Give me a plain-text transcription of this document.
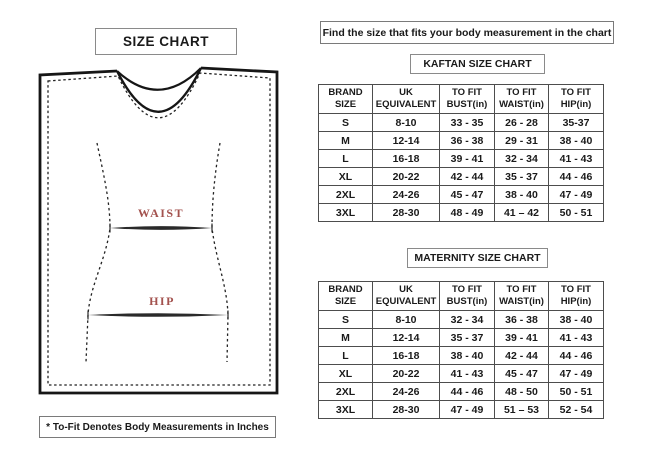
SIZE CHART
WAIST
HIP
* To-Fit Denotes Body Measurements in Inches
Find the size that fits your body measurement in the chart
KAFTAN SIZE CHART
BRAND SIZE	UK EQUIVALENT	TO FIT BUST(in)	TO FIT WAIST(in)	TO FIT HIP(in)
S	8-10	33 - 35	26 - 28	35-37
M	12-14	36 - 38	29 - 31	38 - 40
L	16-18	39 - 41	32 - 34	41 - 43
XL	20-22	42 - 44	35 - 37	44 - 46
2XL	24-26	45 - 47	38 - 40	47 - 49
3XL	28-30	48 - 49	41 – 42	50 - 51
MATERNITY SIZE CHART
BRAND SIZE	UK EQUIVALENT	TO FIT BUST(in)	TO FIT WAIST(in)	TO FIT HIP(in)
S	8-10	32 - 34	36 - 38	38 - 40
M	12-14	35 - 37	39 - 41	41 - 43
L	16-18	38 - 40	42 - 44	44 - 46
XL	20-22	41 - 43	45 - 47	47 - 49
2XL	24-26	44 - 46	48 - 50	50 - 51
3XL	28-30	47 - 49	51 – 53	52 - 54
